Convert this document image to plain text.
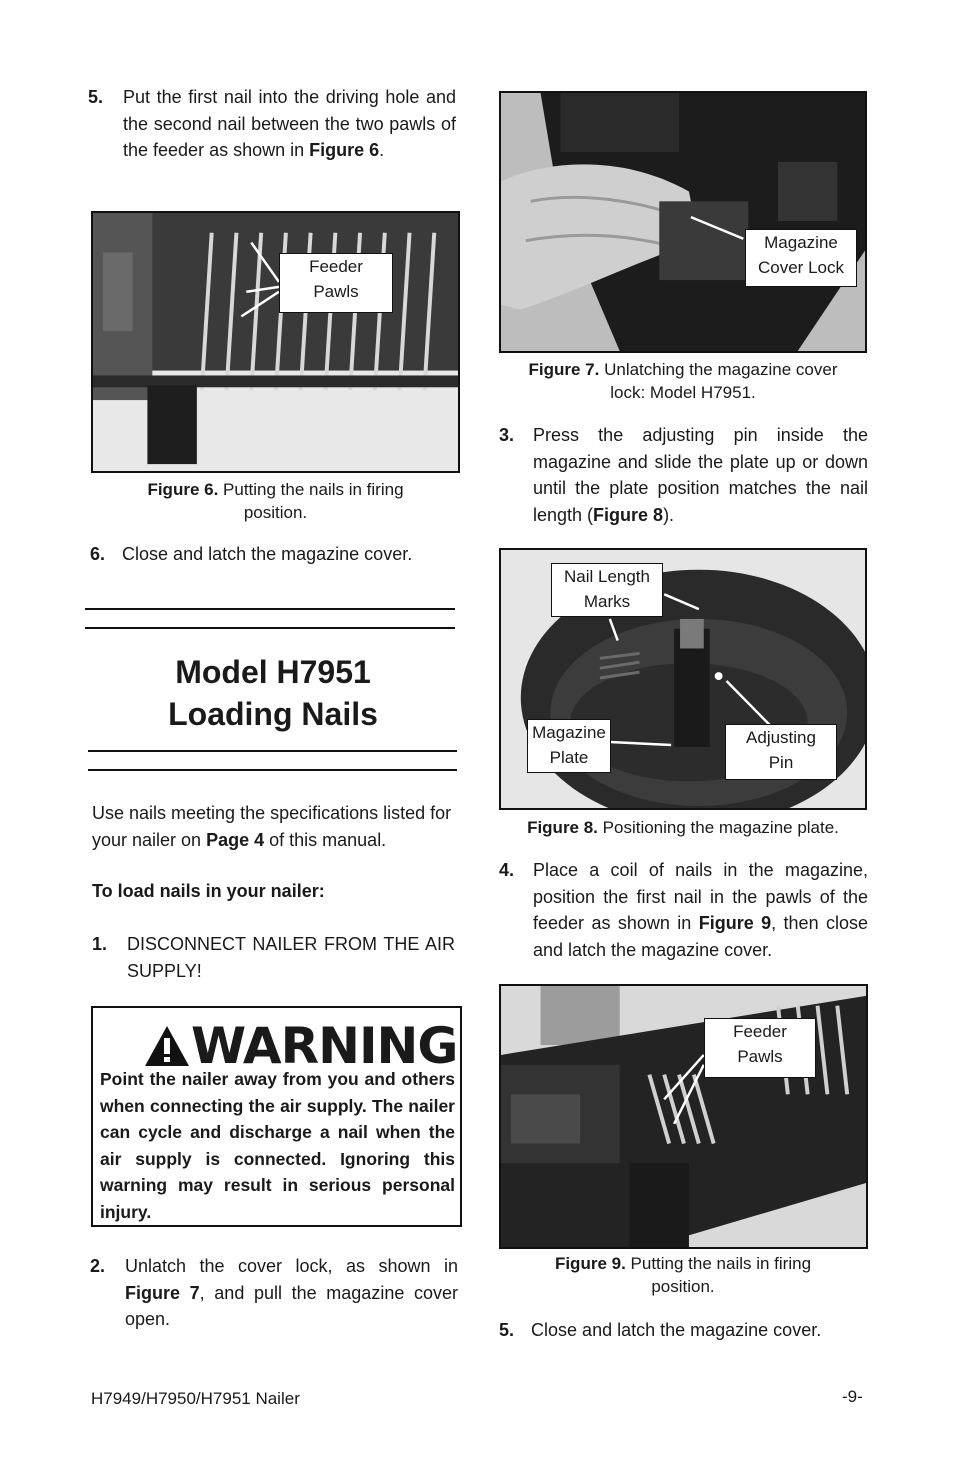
5. Put the first nail into the driving hole and the second nail between the two pawls of the feeder as shown in Figure 6.
Feeder
Pawls
Figure 6. Putting the nails in firing
position.
6. Close and latch the magazine cover.
Model H7951
Loading Nails
Use nails meeting the specifications listed for your nailer on Page 4 of this manual.
To load nails in your nailer:
1. DISCONNECT NAILER FROM THE AIR SUPPLY!
WARNING
Point the nailer away from you and others when connecting the air supply. The nailer can cycle and discharge a nail when the air supply is connected. Ignoring this warning may result in serious personal injury.
2. Unlatch the cover lock, as shown in Figure 7, and pull the magazine cover open.
Magazine
Cover Lock
Figure 7. Unlatching the magazine cover
lock: Model H7951.
3. Press the adjusting pin inside the magazine and slide the plate up or down until the plate position matches the nail length (Figure 8).
Nail Length
Marks
Magazine
Plate
Adjusting
Pin
Figure 8. Positioning the magazine plate.
4. Place a coil of nails in the magazine, position the first nail in the pawls of the feeder as shown in Figure 9, then close and latch the magazine cover.
Feeder
Pawls
Figure 9. Putting the nails in firing
position.
5. Close and latch the magazine cover.
H7949/H7950/H7951 Nailer	-9-
